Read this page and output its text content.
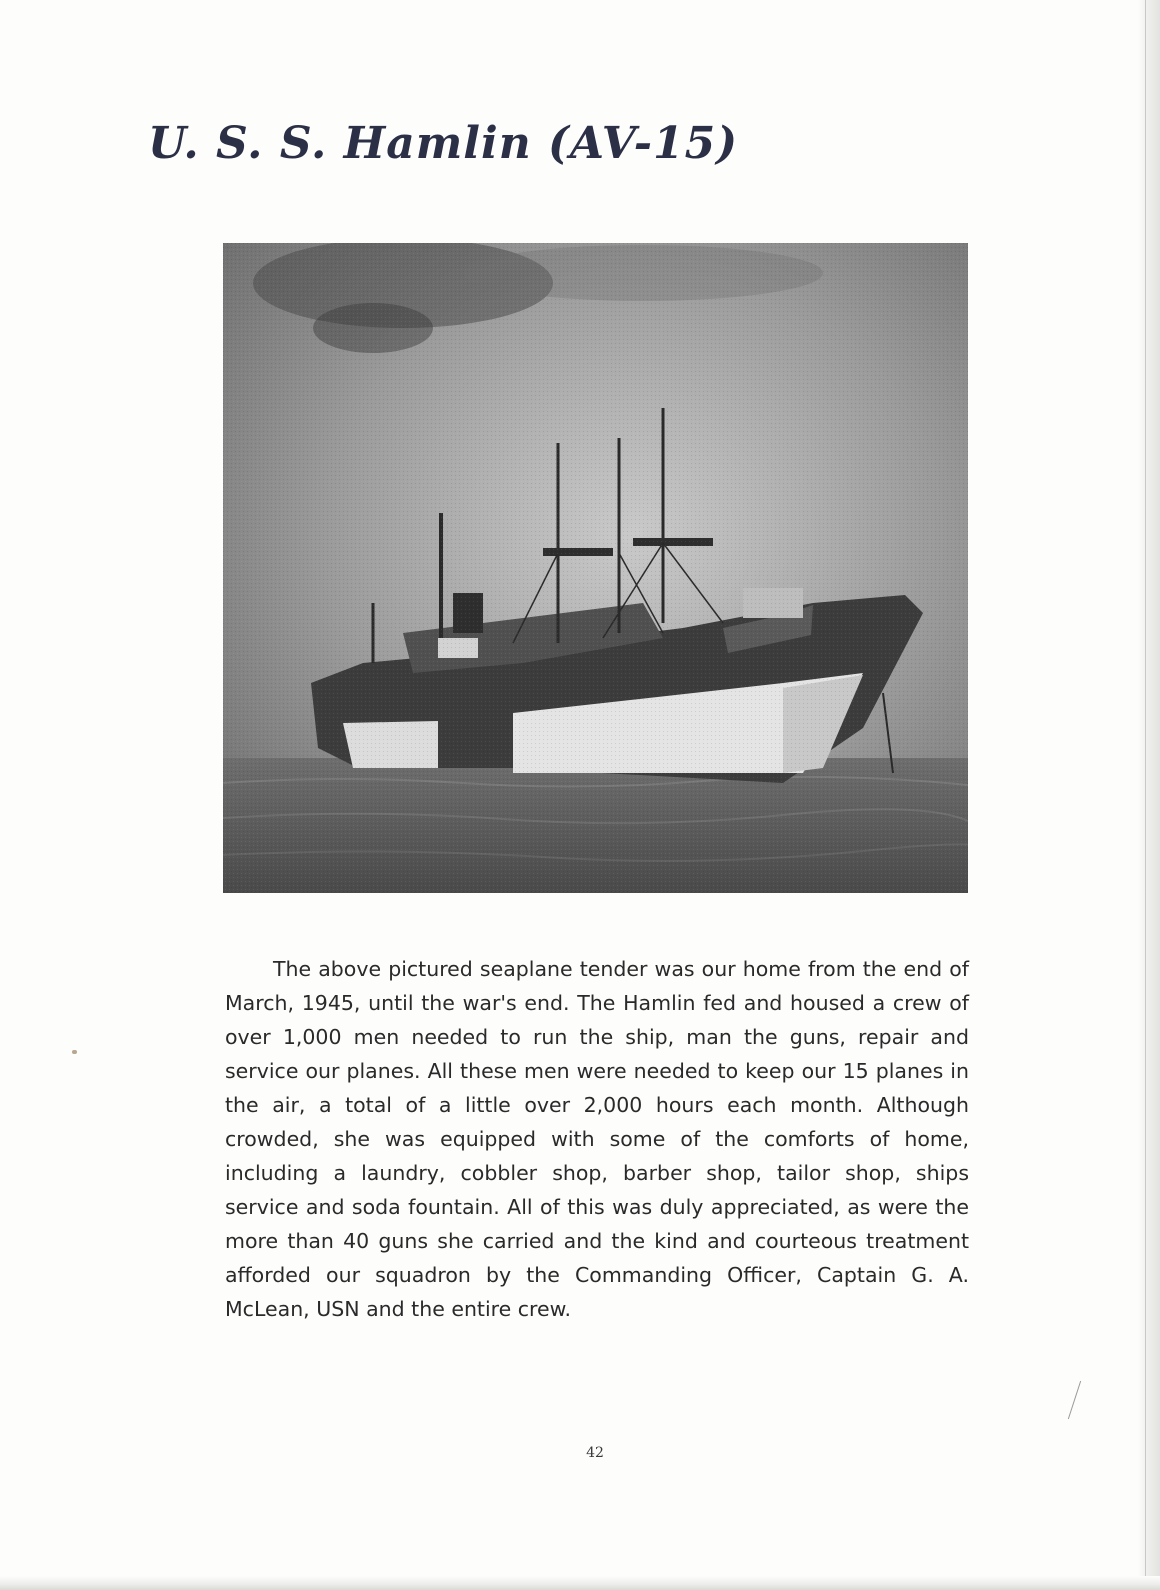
U. S. S. Hamlin (AV-15)

The above pictured seaplane tender was our home from the end of March, 1945, until the war's end. The Hamlin fed and housed a crew of over 1,000 men needed to run the ship, man the guns, repair and service our planes. All these men were needed to keep our 15 planes in the air, a total of a little over 2,000 hours each month. Although crowded, she was equipped with some of the comforts of home, including a laundry, cobbler shop, barber shop, tailor shop, ships service and soda fountain. All of this was duly appreciated, as were the more than 40 guns she carried and the kind and courteous treatment afforded our squadron by the Commanding Officer, Captain G. A. McLean, USN and the entire crew.

42
